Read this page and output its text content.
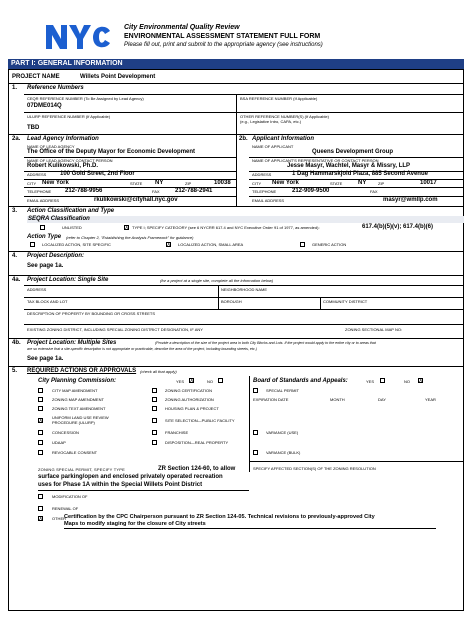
City Environmental Quality Review
ENVIRONMENTAL ASSESSMENT STATEMENT FULL FORM
Please fill out, print and submit to the appropriate agency (see instructions)
PART I: GENERAL INFORMATION
PROJECT NAME	Willets Point Development
1. Reference Numbers
CEQR REFERENCE NUMBER (To Be Assigned by Lead Agency)
07DME014Q
BSA REFERENCE NUMBER (If Applicable)
ULURP REFERENCE NUMBER (If Applicable)
TBD
OTHER REFERENCE NUMBER(S) (If Applicable)
(e.g., Legislative Intro, CAPA, etc.)
2a. Lead Agency Information
NAME OF LEAD AGENCY
The Office of the Deputy Mayor for Economic Development
NAME OF LEAD AGENCY CONTACT PERSON
Robert Kulikowski, Ph.D.
ADDRESS 100 Gold Street, 2nd Floor
CITY New York	STATE NY	ZIP	10038
TELEPHONE 212-788-9956	FAX	212-788-2941
EMAIL ADDRESS	rkulikowski@cityhall.nyc.gov
2b. Applicant Information
NAME OF APPLICANT
Queens Development Group
NAME OF APPLICANT'S REPRESENTATIVE OR CONTACT PERSON
Jesse Masyr, Wachtel, Masyr & Missry, LLP
ADDRESS	1 Dag Hammarskjold Plaza, 885 Second Avenue
CITY New York	STATE	NY	ZIP	10017
TELEPHONE	212-909-9500	FAX
EMAIL ADDRESS	masyr@wmllp.com
3. Action Classification and Type
SEQRA Classification
UNLISTED	X TYPE I; SPECIFY CATEGORY (see 6 NYCRR 617.4 and NYC Executive Order 91 of 1977, as amended):	617.4(b)(5)(v); 617.4(b)(6)
Action Type (refer to Chapter 2, "Establishing the Analysis Framework" for guidance)
LOCALIZED ACTION, SITE SPECIFIC	X LOCALIZED ACTION, SMALL AREA	GENERIC ACTION
4. Project Description:
See page 1a.
4a. Project Location: Single Site	(for a project at a single site, complete all the information below)
ADDRESS	NEIGHBORHOOD NAME
TAX BLOCK AND LOT	BOROUGH	COMMUNITY DISTRICT
DESCRIPTION OF PROPERTY BY BOUNDING OR CROSS STREETS
EXISTING ZONING DISTRICT, INCLUDING SPECIAL ZONING DISTRICT DESIGNATION, IF ANY	ZONING SECTIONAL MAP NO:
4b. Project Location: Multiple Sites	(Provide a description of the size of the project area in both City Blocks and Lots. If the project would apply to the entire city or to areas that
are so extensive that a site-specific description is not appropriate or practicable, describe the area of the project, including bounding streets, etc.)
See page 1a.
5. REQUIRED ACTIONS OR APPROVALS (check all that apply)
City Planning Commission:	YES X	NO	Board of Standards and Appeals:	YES	NO X
CITY MAP AMENDMENT
ZONING MAP AMENDMENT
ZONING TEXT AMENDMENT
X
UNIFORM LAND USE REVIEW
PROCEDURE (ULURP)
CONCESSION
UDAAP
REVOCABLE CONSENT
ZONING CERTIFICATION
ZONING AUTHORIZATION
HOUSING PLAN & PROJECT
SITE SELECTION—PUBLIC FACILITY
FRANCHISE
DISPOSITION—REAL PROPERTY
SPECIAL PERMIT
EXPIRATION DATE	MONTH	DAY	YEAR
VARIANCE (USE)
VARIANCE (BULK)
SPECIFY AFFECTED SECTION(S) OF THE ZONING RESOLUTION
ZONING SPECIAL PERMIT, SPECIFY TYPE	ZR Section 124-60, to allow
surface parking/open and enclosed privately operated recreation
uses for Phase 1A within the Special Willets Point District
MODIFICATION OF
RENEWAL OF
X OTHER
Certification by the CPC Chairperson pursuant to ZR Section 124-05. Technical revisions to previously-approved City
Maps to modify staging for the closure of City streets
